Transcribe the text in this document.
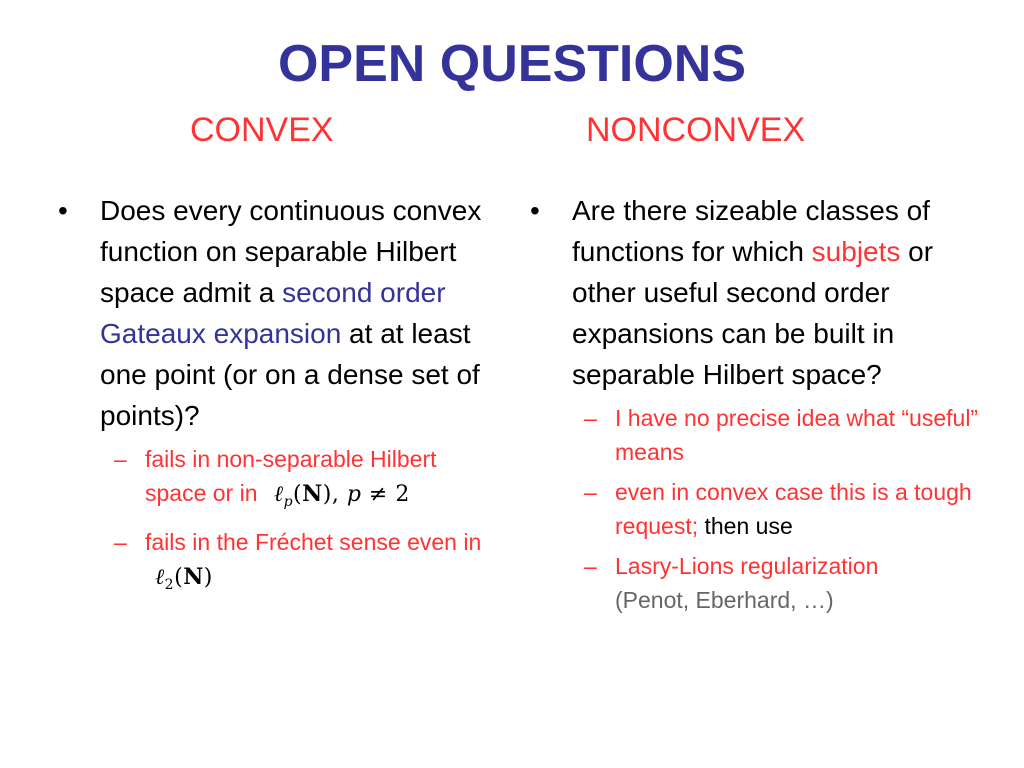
OPEN QUESTIONS
CONVEX	NONCONVEX
•	Does every continuous convex function on separable Hilbert space admit a second order Gateaux expansion at at least one point (or on a dense set of points)?
– fails in non-separable Hilbert space or in ℓ$_p$(N), p ≠ 2
– fails in the Fréchet sense even in ℓ$_2$(N)
•	Are there sizeable classes of functions for which subjets or other useful second order expansions can be built in separable Hilbert space?
– I have no precise idea what “useful” means
– even in convex case this is a tough request; then use
– Lasry-Lions regularization
(Penot, Eberhard, …)
